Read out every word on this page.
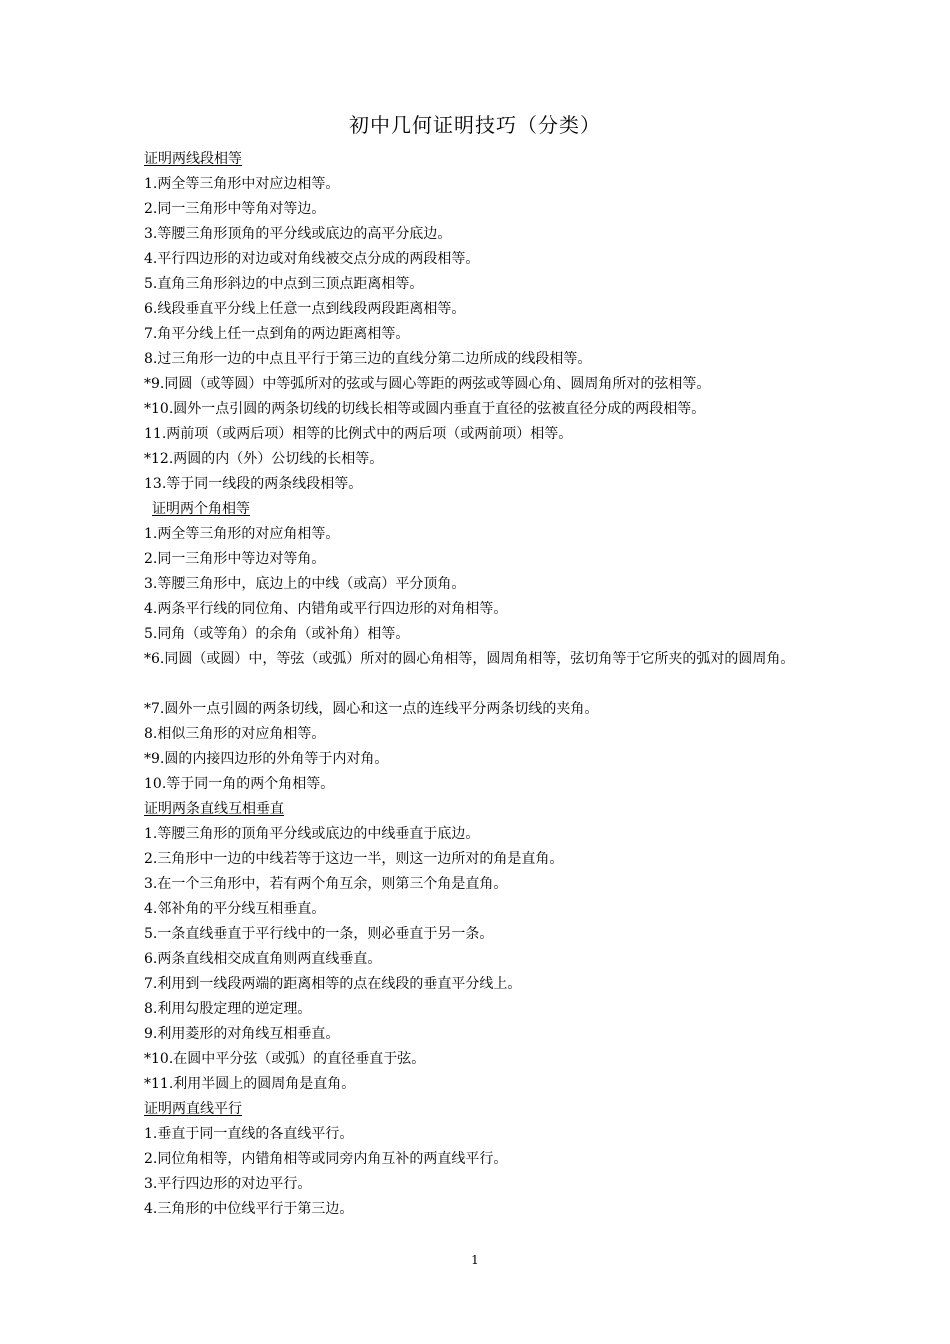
初中几何证明技巧（分类）
证明两线段相等
1.两全等三角形中对应边相等。
2.同一三角形中等角对等边。
3.等腰三角形顶角的平分线或底边的高平分底边。
4.平行四边形的对边或对角线被交点分成的两段相等。
5.直角三角形斜边的中点到三顶点距离相等。
6.线段垂直平分线上任意一点到线段两段距离相等。
7.角平分线上任一点到角的两边距离相等。
8.过三角形一边的中点且平行于第三边的直线分第二边所成的线段相等。
*9.同圆（或等圆）中等弧所对的弦或与圆心等距的两弦或等圆心角、圆周角所对的弦相等。
*10.圆外一点引圆的两条切线的切线长相等或圆内垂直于直径的弦被直径分成的两段相等。
11.两前项（或两后项）相等的比例式中的两后项（或两前项）相等。
*12.两圆的内（外）公切线的长相等。
13.等于同一线段的两条线段相等。
证明两个角相等
1.两全等三角形的对应角相等。
2.同一三角形中等边对等角。
3.等腰三角形中，底边上的中线（或高）平分顶角。
4.两条平行线的同位角、内错角或平行四边形的对角相等。
5.同角（或等角）的余角（或补角）相等。
*6.同圆（或圆）中，等弦（或弧）所对的圆心角相等，圆周角相等，弦切角等于它所夹的弧对的圆周角。
*7.圆外一点引圆的两条切线，圆心和这一点的连线平分两条切线的夹角。
8.相似三角形的对应角相等。
*9.圆的内接四边形的外角等于内对角。
10.等于同一角的两个角相等。
证明两条直线互相垂直
1.等腰三角形的顶角平分线或底边的中线垂直于底边。
2.三角形中一边的中线若等于这边一半，则这一边所对的角是直角。
3.在一个三角形中，若有两个角互余，则第三个角是直角。
4.邻补角的平分线互相垂直。
5.一条直线垂直于平行线中的一条，则必垂直于另一条。
6.两条直线相交成直角则两直线垂直。
7.利用到一线段两端的距离相等的点在线段的垂直平分线上。
8.利用勾股定理的逆定理。
9.利用菱形的对角线互相垂直。
*10.在圆中平分弦（或弧）的直径垂直于弦。
*11.利用半圆上的圆周角是直角。
证明两直线平行
1.垂直于同一直线的各直线平行。
2.同位角相等，内错角相等或同旁内角互补的两直线平行。
3.平行四边形的对边平行。
4.三角形的中位线平行于第三边。
1
